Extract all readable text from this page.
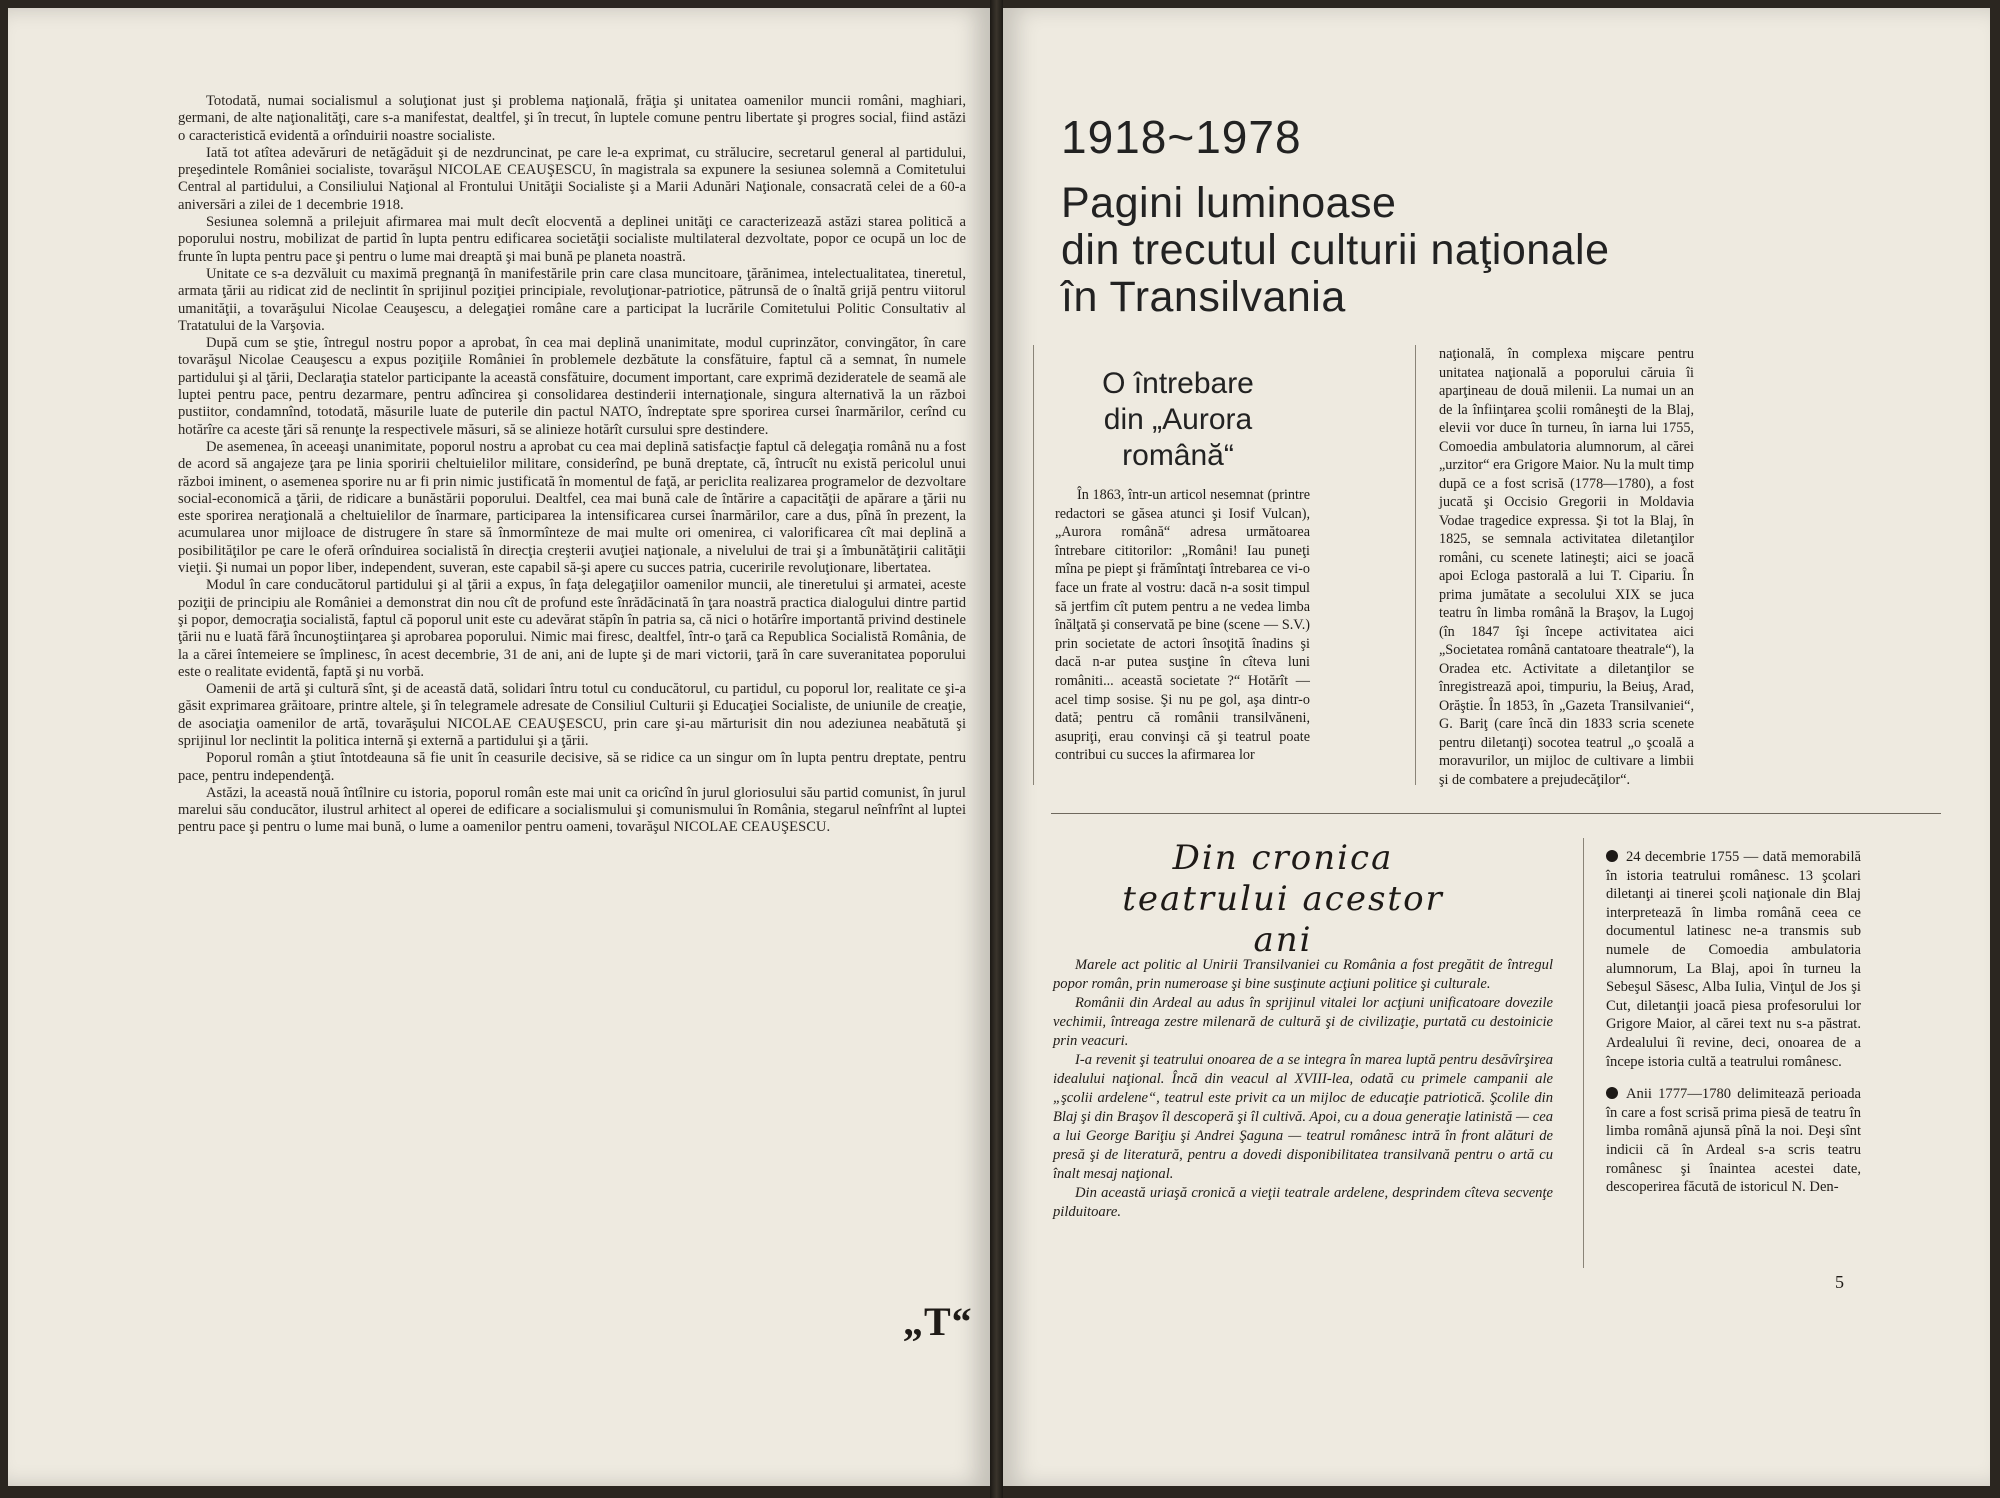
Totodată, numai socialismul a soluţionat just şi problema naţională, frăţia şi unitatea oamenilor muncii români, maghiari, germani, de alte naţionalităţi, care s-a manifestat, dealtfel, şi în trecut, în luptele comune pentru libertate şi progres social, fiind astăzi o caracteristică evidentă a orînduirii noastre socialiste.

Iată tot atîtea adevăruri de netăgăduit şi de nezdruncinat, pe care le-a exprimat, cu strălucire, secretarul general al partidului, preşedintele României socialiste, tovarăşul NICOLAE CEAUŞESCU, în magistrala sa expunere la sesiunea solemnă a Comitetului Central al partidului, a Consiliului Naţional al Frontului Unităţii Socialiste şi a Marii Adunări Naţionale, consacrată celei de a 60-a aniversări a zilei de 1 decembrie 1918.

Sesiunea solemnă a prilejuit afirmarea mai mult decît elocventă a deplinei unităţi ce caracterizează astăzi starea politică a poporului nostru, mobilizat de partid în lupta pentru edificarea societăţii socialiste multilateral dezvoltate, popor ce ocupă un loc de frunte în lupta pentru pace şi pentru o lume mai dreaptă şi mai bună pe planeta noastră.

Unitate ce s-a dezvăluit cu maximă pregnanţă în manifestările prin care clasa muncitoare, ţărănimea, intelectualitatea, tineretul, armata ţării au ridicat zid de neclintit în sprijinul poziţiei principiale, revoluţionar-patriotice, pătrunsă de o înaltă grijă pentru viitorul umanităţii, a tovarăşului Nicolae Ceauşescu, a delegaţiei române care a participat la lucrările Comitetului Politic Consultativ al Tratatului de la Varşovia.

După cum se ştie, întregul nostru popor a aprobat, în cea mai deplină unanimitate, modul cuprinzător, convingător, în care tovarăşul Nicolae Ceauşescu a expus poziţiile României în problemele dezbătute la consfătuire, faptul că a semnat, în numele partidului şi al ţării, Declaraţia statelor participante la această consfătuire, document important, care exprimă dezideratele de seamă ale luptei pentru pace, pentru dezarmare, pentru adîncirea şi consolidarea destinderii internaţionale, singura alternativă la un război pustiitor, condamnînd, totodată, măsurile luate de puterile din pactul NATO, îndreptate spre sporirea cursei înarmărilor, cerînd cu hotărîre ca aceste ţări să renunţe la respectivele măsuri, să se alinieze hotărît cursului spre destindere.

De asemenea, în aceeaşi unanimitate, poporul nostru a aprobat cu cea mai deplină satisfacţie faptul că delegaţia română nu a fost de acord să angajeze ţara pe linia sporirii cheltuielilor militare, considerînd, pe bună dreptate, că, întrucît nu există pericolul unui război iminent, o asemenea sporire nu ar fi prin nimic justificată în momentul de faţă, ar periclita realizarea programelor de dezvoltare social-economică a ţării, de ridicare a bunăstării poporului. Dealtfel, cea mai bună cale de întărire a capacităţii de apărare a ţării nu este sporirea neraţională a cheltuielilor de înarmare, participarea la intensificarea cursei înarmărilor, care a dus, pînă în prezent, la acumularea unor mijloace de distrugere în stare să înmormînteze de mai multe ori omenirea, ci valorificarea cît mai deplină a posibilităţilor pe care le oferă orînduirea socialistă în direcţia creşterii avuţiei naţionale, a nivelului de trai şi a îmbunătăţirii calităţii vieţii. Şi numai un popor liber, independent, suveran, este capabil să-şi apere cu succes patria, cuceririle revoluţionare, libertatea.

Modul în care conducătorul partidului şi al ţării a expus, în faţa delegaţiilor oamenilor muncii, ale tineretului şi armatei, aceste poziţii de principiu ale României a demonstrat din nou cît de profund este înrădăcinată în ţara noastră practica dialogului dintre partid şi popor, democraţia socialistă, faptul că poporul unit este cu adevărat stăpîn în patria sa, că nici o hotărîre importantă privind destinele ţării nu e luată fără încunoştiinţarea şi aprobarea poporului. Nimic mai firesc, dealtfel, într-o ţară ca Republica Socialistă România, de la a cărei întemeiere se împlinesc, în acest decembrie, 31 de ani, ani de lupte şi de mari victorii, ţară în care suveranitatea poporului este o realitate evidentă, faptă şi nu vorbă.

Oamenii de artă şi cultură sînt, şi de această dată, solidari întru totul cu conducătorul, cu partidul, cu poporul lor, realitate ce şi-a găsit exprimarea grăitoare, printre altele, şi în telegramele adresate de Consiliul Culturii şi Educaţiei Socialiste, de uniunile de creaţie, de asociaţia oamenilor de artă, tovarăşului NICOLAE CEAUŞESCU, prin care şi-au mărturisit din nou adeziunea neabătută şi sprijinul lor neclintit la politica internă şi externă a partidului şi a ţării.

Poporul român a ştiut întotdeauna să fie unit în ceasurile decisive, să se ridice ca un singur om în lupta pentru dreptate, pentru pace, pentru independenţă.

Astăzi, la această nouă întîlnire cu istoria, poporul român este mai unit ca oricînd în jurul gloriosului său partid comunist, în jurul marelui său conducător, ilustrul arhitect al operei de edificare a socialismului şi comunismului în România, stegarul neînfrînt al luptei pentru pace şi pentru o lume mai bună, o lume a oamenilor pentru oameni, tovarăşul NICOLAE CEAUŞESCU.

„T“
1918~1978
Pagini luminoase
din trecutul culturii naţionale
în Transilvania
O întrebare
din „Aurora română“

În 1863, într-un articol nesemnat (printre redactori se găsea atunci şi Iosif Vulcan), „Aurora română“ adresa următoarea întrebare cititorilor: „Români! Iau puneţi mîna pe piept şi frămîntaţi întrebarea ce vi-o face un frate al vostru: dacă n-a sosit timpul să jertfim cît putem pentru a ne vedea limba înălţată şi conservată pe bine (scene — S.V.) prin societate de actori însoţită înadins şi dacă n-ar putea susţine în cîteva luni româniti... această societate ?“ Hotărît — acel timp sosise. Şi nu pe gol, aşa dintr-o dată; pentru că românii transilvăneni, asupriţi, erau convinşi că şi teatrul poate contribui cu succes la afirmarea lor

naţională, în complexa mişcare pentru unitatea naţională a poporului căruia îi aparţineau de două milenii. La numai un an de la înfiinţarea şcolii româneşti de la Blaj, elevii vor duce în turneu, în iarna lui 1755, Comoedia ambulatoria alumnorum, al cărei „urzitor“ era Grigore Maior. Nu la mult timp după ce a fost scrisă (1778—1780), a fost jucată şi Occisio Gregorii in Moldavia Vodae tragedice expressa. Şi tot la Blaj, în 1825, se semnala activitatea diletanţilor români, cu scenete latineşti; aici se joacă apoi Ecloga pastorală a lui T. Cipariu. În prima jumătate a secolului XIX se juca teatru în limba română la Braşov, la Lugoj (în 1847 îşi începe activitatea aici „Societatea română cantatoare theatrale“), la Oradea etc. Activitate a diletanţilor se înregistrează apoi, timpuriu, la Beiuş, Arad, Orăştie. În 1853, în „Gazeta Transilvaniei“, G. Bariţ (care încă din 1833 scria scenete pentru diletanţi) socotea teatrul „o şcoală a moravurilor, un mijloc de cultivare a limbii şi de combatere a prejudecăţilor“.

Din cronica
teatrului acestor ani

Marele act politic al Unirii Transilvaniei cu România a fost pregătit de întregul popor român, prin numeroase şi bine susţinute acţiuni politice şi culturale.

Românii din Ardeal au adus în sprijinul vitalei lor acţiuni unificatoare dovezile vechimii, întreaga zestre milenară de cultură şi de civilizaţie, purtată cu destoinicie prin veacuri.

I-a revenit şi teatrului onoarea de a se integra în marea luptă pentru desăvîrşirea idealului naţional. Încă din veacul al XVIII-lea, odată cu primele campanii ale „şcolii ardelene“, teatrul este privit ca un mijloc de educaţie patriotică. Şcolile din Blaj şi din Braşov îl descoperă şi îl cultivă. Apoi, cu a doua generaţie latinistă — cea a lui George Bariţiu şi Andrei Şaguna — teatrul românesc intră în front alături de presă şi de literatură, pentru a dovedi disponibilitatea transilvană pentru o artă cu înalt mesaj naţional.

Din această uriaşă cronică a vieţii teatrale ardelene, desprindem cîteva secvenţe pilduitoare.

24 decembrie 1755 — dată memorabilă în istoria teatrului românesc. 13 şcolari diletanţi ai tinerei şcoli naţionale din Blaj interpretează în limba română ceea ce documentul latinesc ne-a transmis sub numele de Comoedia ambulatoria alumnorum, La Blaj, apoi în turneu la Sebeşul Săsesc, Alba Iulia, Vinţul de Jos şi Cut, diletanţii joacă piesa profesorului lor Grigore Maior, al cărei text nu s-a păstrat. Ardealului îi revine, deci, onoarea de a începe istoria cultă a teatrului românesc.

Anii 1777—1780 delimitează perioada în care a fost scrisă prima piesă de teatru în limba română ajunsă pînă la noi. Deşi sînt indicii că în Ardeal s-a scris teatru românesc şi înaintea acestei date, descoperirea făcută de istoricul N. Den-

5
